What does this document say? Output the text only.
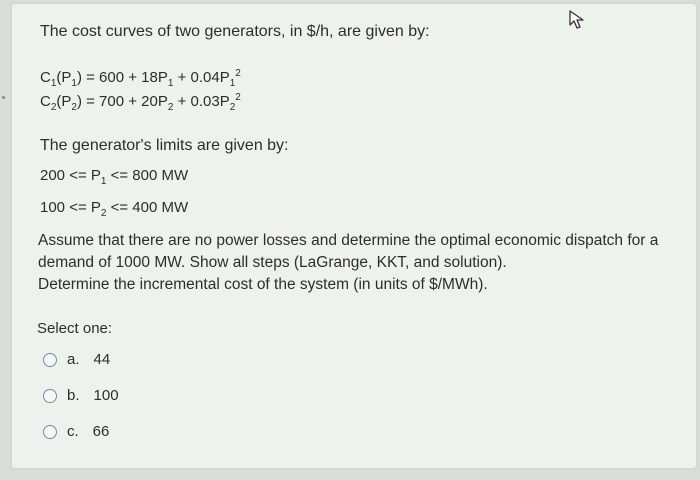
The cost curves of two generators, in $/h, are given by:
$C_1(P_1) = 600 + 18P_1 + 0.04P_1^2$
$C_2(P_2) = 700 + 20P_2 + 0.03P_2^2$
The generator's limits are given by:
$200 <= P_1 <= 800$ MW
$100 <= P_2 <= 400$ MW
Assume that there are no power losses and determine the optimal economic dispatch for a demand of 1000 MW. Show all steps (LaGrange, KKT, and solution).
Determine the incremental cost of the system (in units of $/MWh).
Select one:
a. 44
b. 100
c. 66
